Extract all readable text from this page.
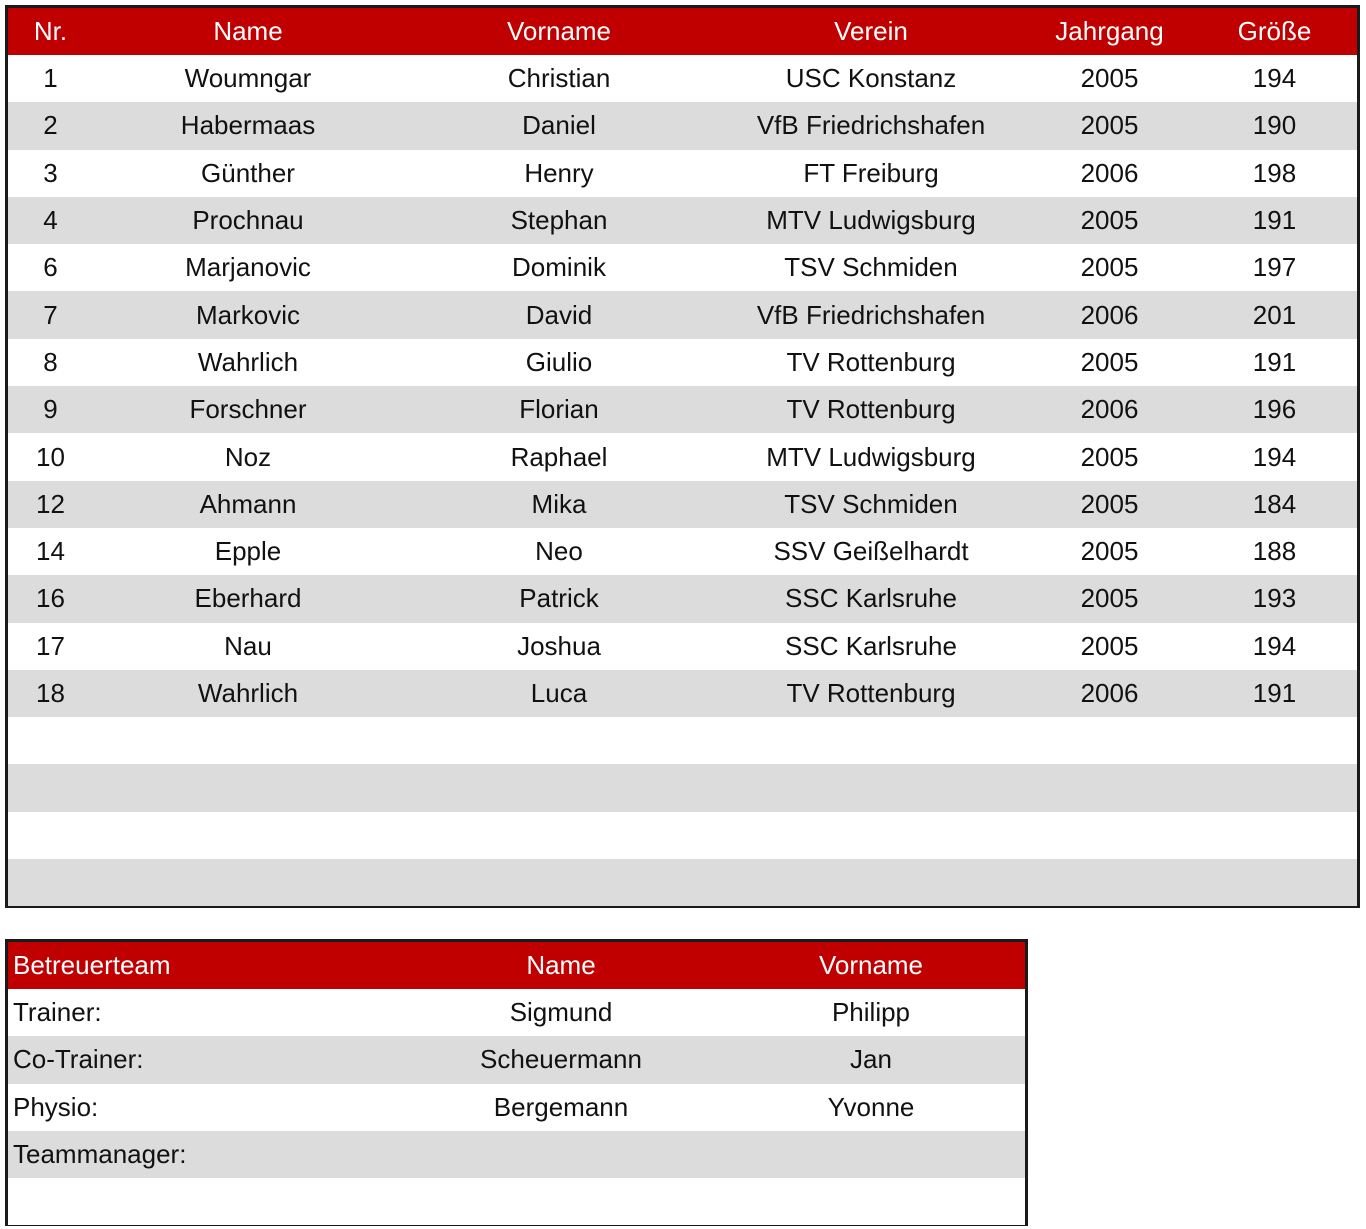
Nr.	Name	Vorname	Verein	Jahrgang	Größe
1	Woumngar	Christian	USC Konstanz	2005	194
2	Habermaas	Daniel	VfB Friedrichshafen	2005	190
3	Günther	Henry	FT Freiburg	2006	198
4	Prochnau	Stephan	MTV Ludwigsburg	2005	191
6	Marjanovic	Dominik	TSV Schmiden	2005	197
7	Markovic	David	VfB Friedrichshafen	2006	201
8	Wahrlich	Giulio	TV Rottenburg	2005	191
9	Forschner	Florian	TV Rottenburg	2006	196
10	Noz	Raphael	MTV Ludwigsburg	2005	194
12	Ahmann	Mika	TSV Schmiden	2005	184
14	Epple	Neo	SSV Geißelhardt	2005	188
16	Eberhard	Patrick	SSC Karlsruhe	2005	193
17	Nau	Joshua	SSC Karlsruhe	2005	194
18	Wahrlich	Luca	TV Rottenburg	2006	191

Betreuerteam	Name	Vorname
Trainer:	Sigmund	Philipp
Co-Trainer:	Scheuermann	Jan
Physio:	Bergemann	Yvonne
Teammanager:		
